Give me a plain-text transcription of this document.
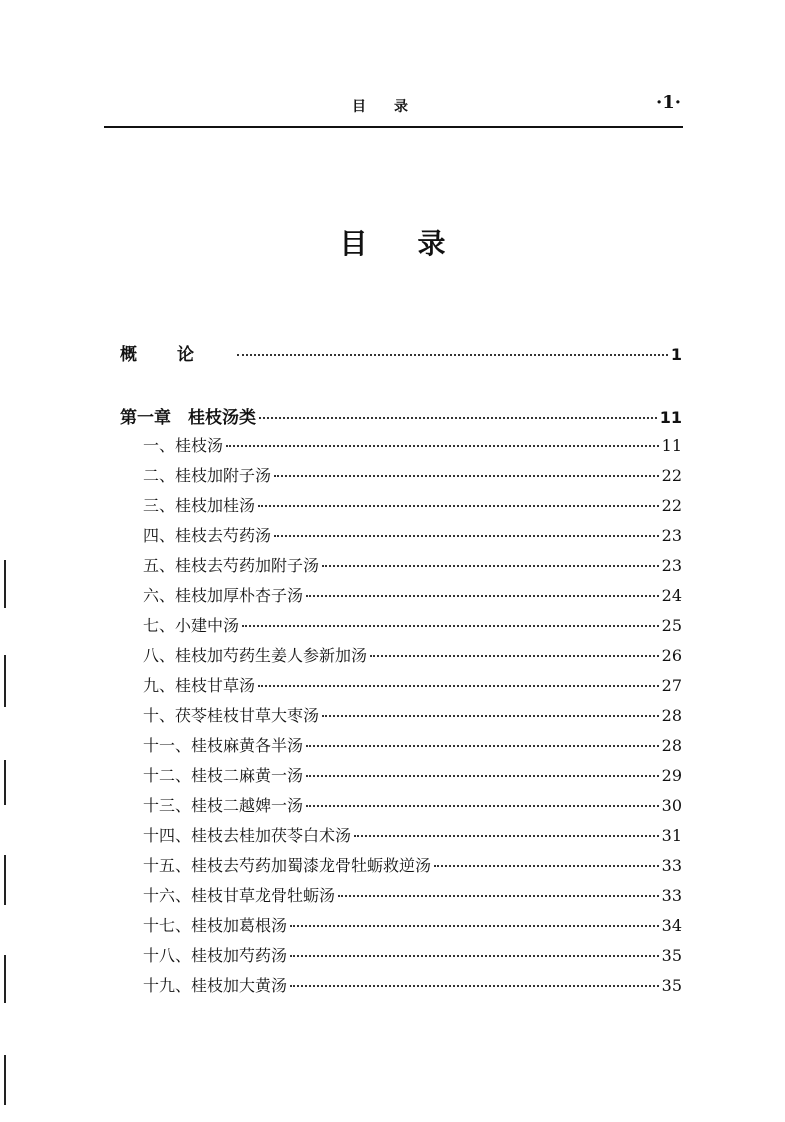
目录	·1·
目录
概论	1
第一章　桂枝汤类	11
一、桂枝汤	11
二、桂枝加附子汤	22
三、桂枝加桂汤	22
四、桂枝去芍药汤	23
五、桂枝去芍药加附子汤	23
六、桂枝加厚朴杏子汤	24
七、小建中汤	25
八、桂枝加芍药生姜人参新加汤	26
九、桂枝甘草汤	27
十、茯苓桂枝甘草大枣汤	28
十一、桂枝麻黄各半汤	28
十二、桂枝二麻黄一汤	29
十三、桂枝二越婢一汤	30
十四、桂枝去桂加茯苓白术汤	31
十五、桂枝去芍药加蜀漆龙骨牡蛎救逆汤	33
十六、桂枝甘草龙骨牡蛎汤	33
十七、桂枝加葛根汤	34
十八、桂枝加芍药汤	35
十九、桂枝加大黄汤	35
